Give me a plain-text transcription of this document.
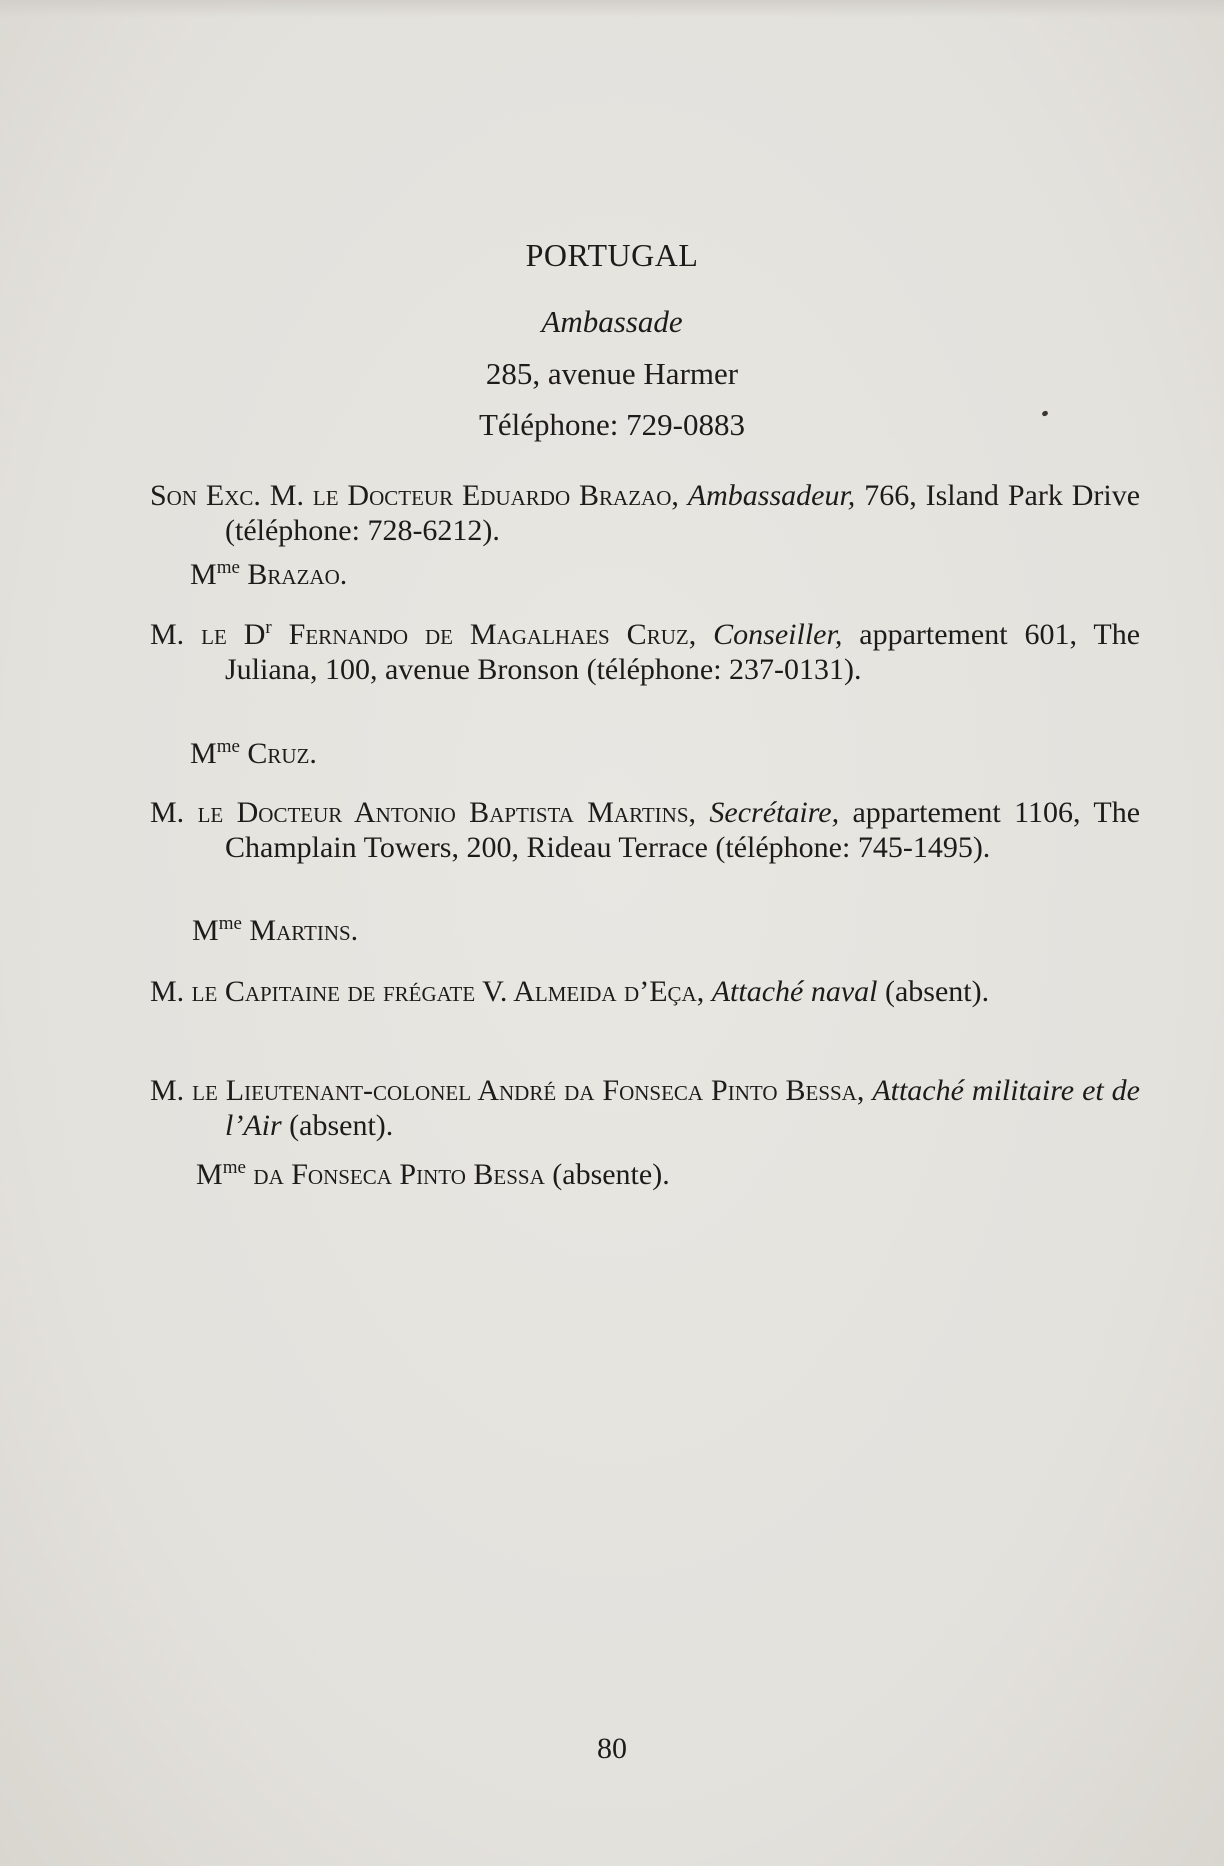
PORTUGAL
Ambassade
285, avenue Harmer
Téléphone: 729-0883
Son Exc. M. le Docteur Eduardo Brazao, Ambassadeur, 766, Island Park Drive (téléphone: 728-6212).
$M^{me}$ Brazao.
M. le $D^r$ Fernando de Magalhaes Cruz, Conseiller, appartement 601, The Juliana, 100, avenue Bronson (téléphone: 237-0131).
$M^{me}$ Cruz.
M. le Docteur Antonio Baptista Martins, Secrétaire, appartement 1106, The Champlain Towers, 200, Rideau Terrace (téléphone: 745-1495).
$M^{me}$ Martins.
M. le Capitaine de frégate V. Almeida d’Eça, Attaché naval (absent).
M. le Lieutenant-colonel André da Fonseca Pinto Bessa, Attaché militaire et de l’Air (absent).
$M^{me}$ da Fonseca Pinto Bessa (absente).
80
